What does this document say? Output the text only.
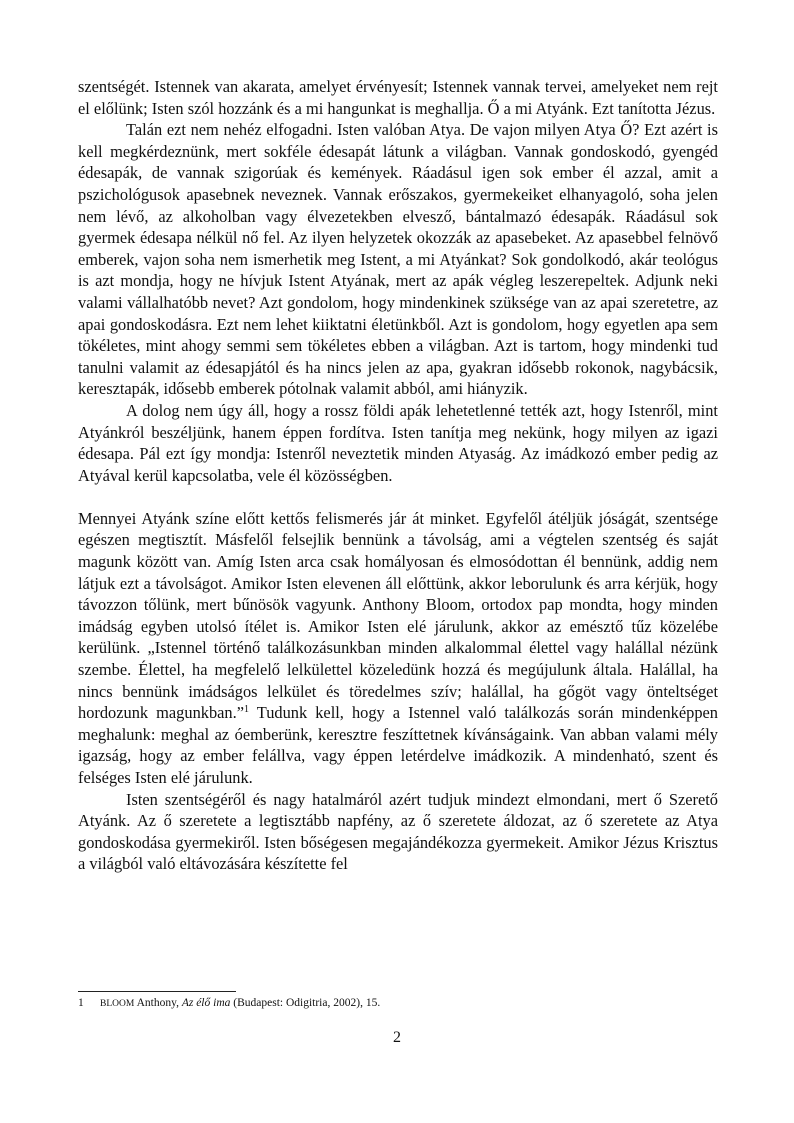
szentségét. Istennek van akarata, amelyet érvényesít; Istennek vannak tervei, amelyeket nem rejt el előlünk; Isten szól hozzánk és a mi hangunkat is meghallja. Ő a mi Atyánk. Ezt tanította Jézus.

Talán ezt nem nehéz elfogadni. Isten valóban Atya. De vajon milyen Atya Ő? Ezt azért is kell megkérdeznünk, mert sokféle édesapát látunk a világban. Vannak gondoskodó, gyengéd édesapák, de vannak szigorúak és kemények. Ráadásul igen sok ember él azzal, amit a pszichológusok apasebnek neveznek. Vannak erőszakos, gyermekeiket elhanyagoló, soha jelen nem lévő, az alkoholban vagy élvezetekben elvesző, bántalmazó édesapák. Ráadásul sok gyermek édesapa nélkül nő fel. Az ilyen helyzetek okozzák az apasebeket. Az apasebbel felnövő emberek, vajon soha nem ismerhetik meg Istent, a mi Atyánkat? Sok gondolkodó, akár teológus is azt mondja, hogy ne hívjuk Istent Atyának, mert az apák végleg leszerepeltek. Adjunk neki valami vállalhatóbb nevet? Azt gondolom, hogy mindenkinek szüksége van az apai szeretetre, az apai gondoskodásra. Ezt nem lehet kiiktatni életünkből. Azt is gondolom, hogy egyetlen apa sem tökéletes, mint ahogy semmi sem tökéletes ebben a világban. Azt is tartom, hogy mindenki tud tanulni valamit az édesapjától és ha nincs jelen az apa, gyakran idősebb rokonok, nagybácsik, keresztapák, idősebb emberek pótolnak valamit abból, ami hiányzik.

A dolog nem úgy áll, hogy a rossz földi apák lehetetlenné tették azt, hogy Istenről, mint Atyánkról beszéljünk, hanem éppen fordítva. Isten tanítja meg nekünk, hogy milyen az igazi édesapa. Pál ezt így mondja: Istenről neveztetik minden Atyaság. Az imádkozó ember pedig az Atyával kerül kapcsolatba, vele él közösségben.

Mennyei Atyánk színe előtt kettős felismerés jár át minket. Egyfelől átéljük jóságát, szentsége egészen megtisztít. Másfelől felsejlik bennünk a távolság, ami a végtelen szentség és saját magunk között van. Amíg Isten arca csak homályosan és elmosódottan él bennünk, addig nem látjuk ezt a távolságot. Amikor Isten elevenen áll előttünk, akkor leborulunk és arra kérjük, hogy távozzon tőlünk, mert bűnösök vagyunk. Anthony Bloom, ortodox pap mondta, hogy minden imádság egyben utolsó ítélet is. Amikor Isten elé járulunk, akkor az emésztő tűz közelébe kerülünk. „Istennel történő találkozásunkban minden alkalommal élettel vagy halállal nézünk szembe. Élettel, ha megfelelő lelkülettel közeledünk hozzá és megújulunk általa. Halállal, ha nincs bennünk imádságos lelkület és töredelmes szív; halállal, ha gőgöt vagy önteltséget hordozunk magunkban.”$^1$ Tudunk kell, hogy a Istennel való találkozás során mindenképpen meghalunk: meghal az óemberünk, keresztre feszíttetnek kívánságaink. Van abban valami mély igazság, hogy az ember felállva, vagy éppen letérdelve imádkozik. A mindenható, szent és felséges Isten elé járulunk.

Isten szentségéről és nagy hatalmáról azért tudjuk mindezt elmondani, mert ő Szerető Atyánk. Az ő szeretete a legtisztább napfény, az ő szeretete áldozat, az ő szeretete az Atya gondoskodása gyermekiről. Isten bőségesen megajándékozza gyermekeit. Amikor Jézus Krisztus a világból való eltávozására készítette fel

1 BLOOM Anthony, Az élő ima (Budapest: Odigitria, 2002), 15.
2
